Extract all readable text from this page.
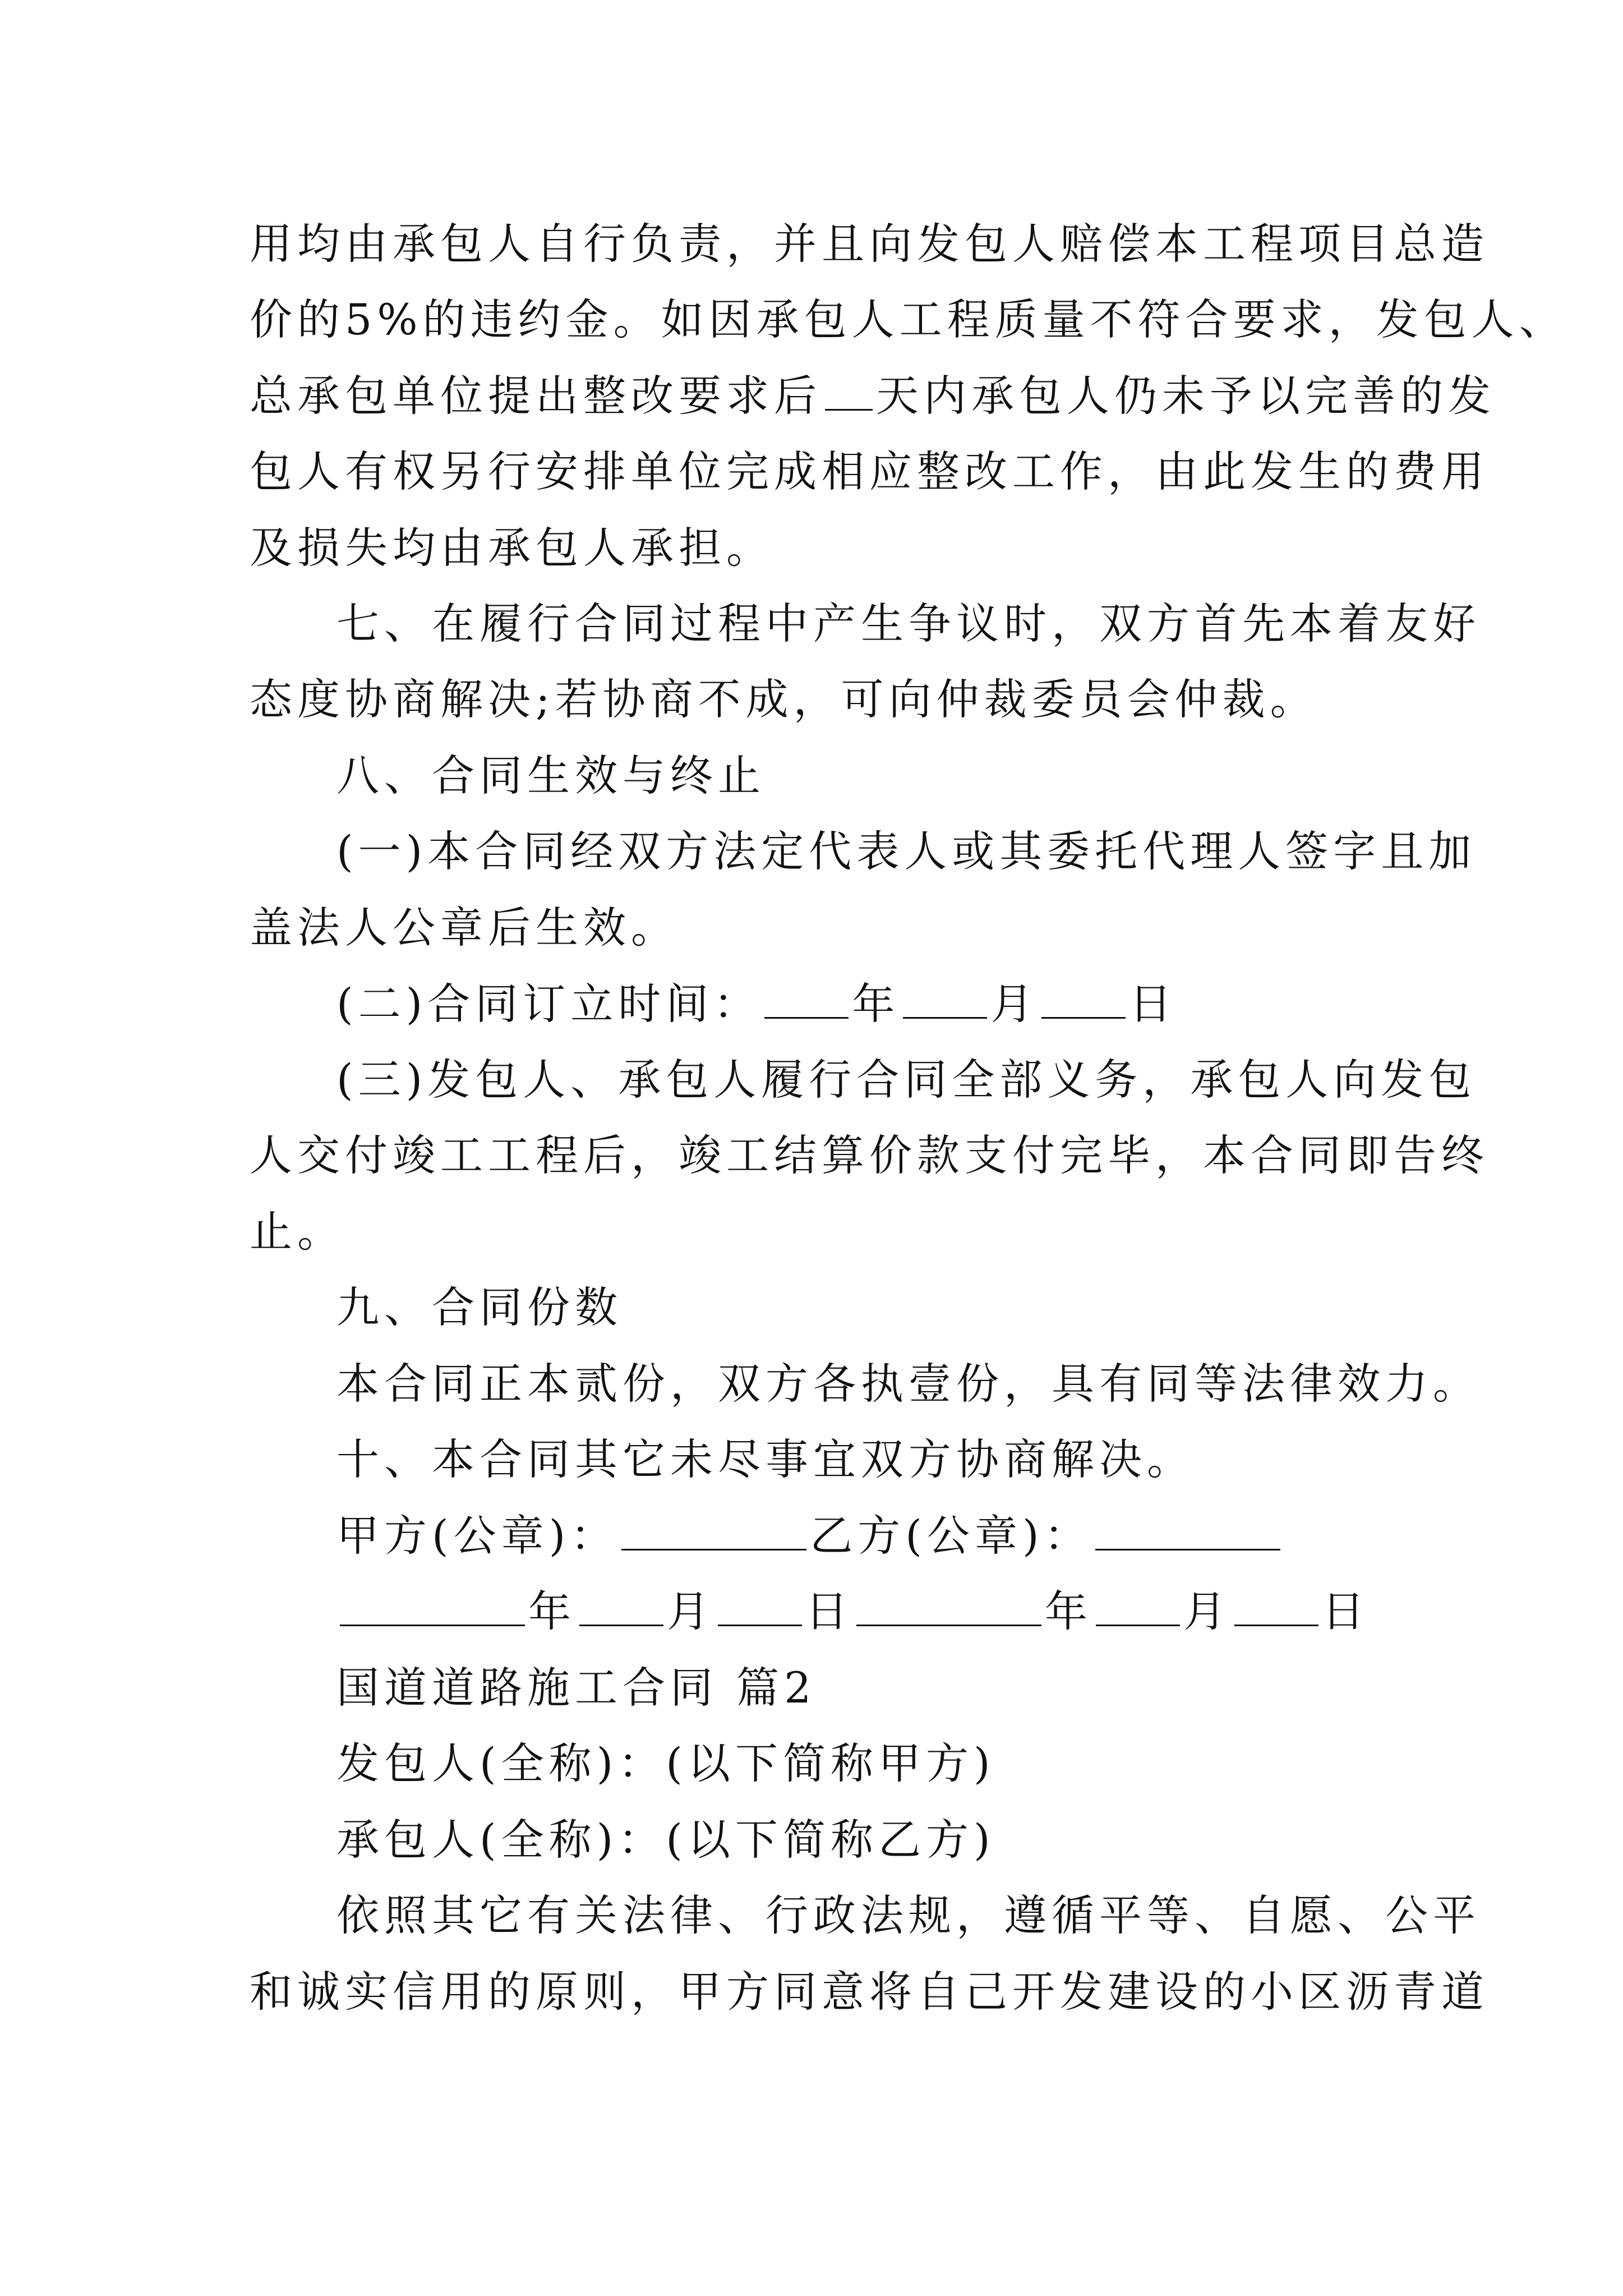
用均由承包人自行负责，并且向发包人赔偿本工程项目总造
价的5%的违约金。如因承包人工程质量不符合要求，发包人、
总承包单位提出整改要求后 天内承包人仍未予以完善的发
包人有权另行安排单位完成相应整改工作，由此发生的费用
及损失均由承包人承担。
七、在履行合同过程中产生争议时，双方首先本着友好
态度协商解决;若协商不成，可向仲裁委员会仲裁。
八、合同生效与终止
(一)本合同经双方法定代表人或其委托代理人签字且加
盖法人公章后生效。
(二)合同订立时间： 年 月 日
(三)发包人、承包人履行合同全部义务，承包人向发包
人交付竣工工程后，竣工结算价款支付完毕，本合同即告终
止。
九、合同份数
本合同正本贰份，双方各执壹份，具有同等法律效力。
十、本合同其它未尽事宜双方协商解决。
甲方(公章)：	乙方(公章)：
年 月 日	年 月 日
国道道路施工合同 篇2
发包人(全称)：(以下简称甲方)
承包人(全称)：(以下简称乙方)
依照其它有关法律、行政法规，遵循平等、自愿、公平
和诚实信用的原则，甲方同意将自己开发建设的小区沥青道
